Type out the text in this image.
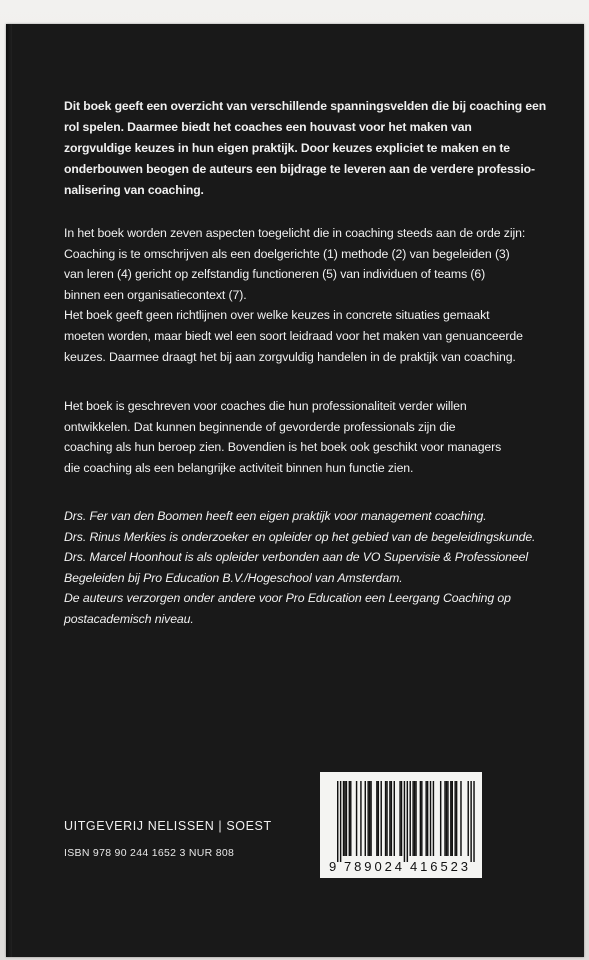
Dit boek geeft een overzicht van verschillende spanningsvelden die bij coaching een
rol spelen. Daarmee biedt het coaches een houvast voor het maken van
zorgvuldige keuzes in hun eigen praktijk. Door keuzes expliciet te maken en te
onderbouwen beogen de auteurs een bijdrage te leveren aan de verdere professio-
nalisering van coaching.
In het boek worden zeven aspecten toegelicht die in coaching steeds aan de orde zijn:
Coaching is te omschrijven als een doelgerichte (1) methode (2) van begeleiden (3)
van leren (4) gericht op zelfstandig functioneren (5) van individuen of teams (6)
binnen een organisatiecontext (7).
Het boek geeft geen richtlijnen over welke keuzes in concrete situaties gemaakt
moeten worden, maar biedt wel een soort leidraad voor het maken van genuanceerde
keuzes. Daarmee draagt het bij aan zorgvuldig handelen in de praktijk van coaching.
Het boek is geschreven voor coaches die hun professionaliteit verder willen
ontwikkelen. Dat kunnen beginnende of gevorderde professionals zijn die
coaching als hun beroep zien. Bovendien is het boek ook geschikt voor managers
die coaching als een belangrijke activiteit binnen hun functie zien.
Drs. Fer van den Boomen heeft een eigen praktijk voor management coaching.
Drs. Rinus Merkies is onderzoeker en opleider op het gebied van de begeleidingskunde.
Drs. Marcel Hoonhout is als opleider verbonden aan de VO Supervisie & Professioneel
Begeleiden bij Pro Education B.V./Hogeschool van Amsterdam.
De auteurs verzorgen onder andere voor Pro Education een Leergang Coaching op
postacademisch niveau.
UITGEVERIJ NELISSEN | SOEST
ISBN 978 90 244 1652 3 NUR 808
9 789024 416523
